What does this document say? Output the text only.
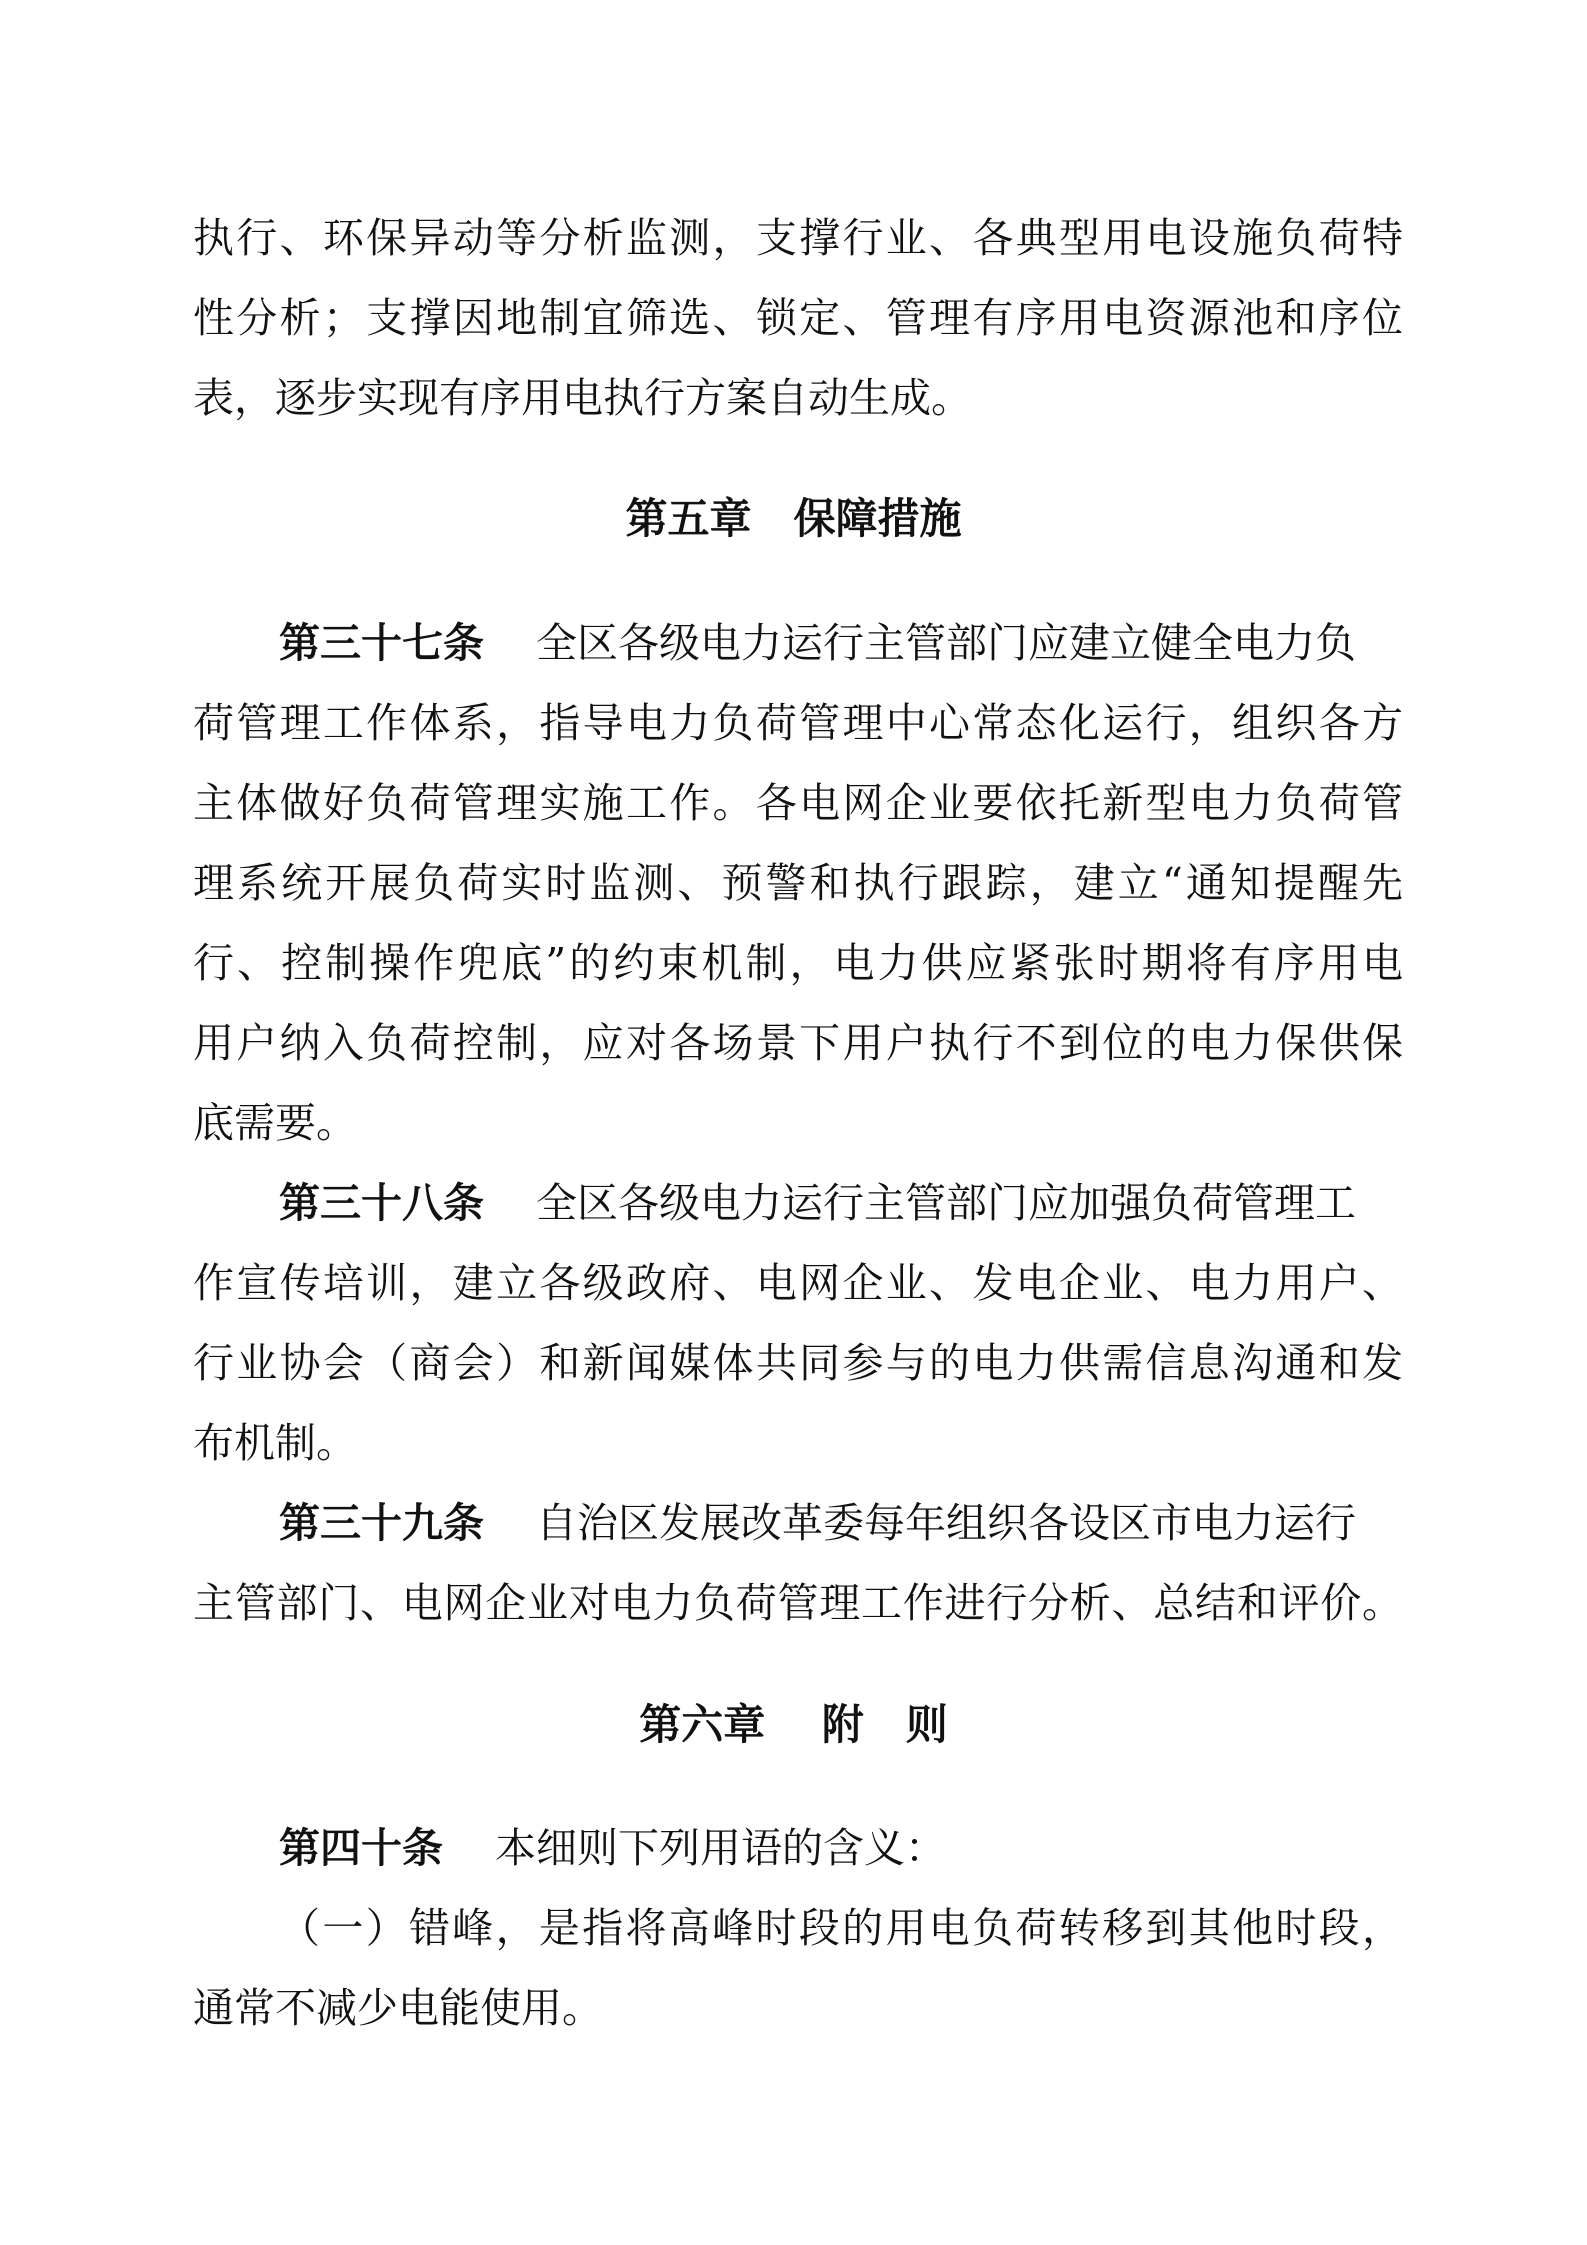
执行、环保异动等分析监测，支撑行业、各典型用电设施负荷特
性分析；支撑因地制宜筛选、锁定、管理有序用电资源池和序位
表，逐步实现有序用电执行方案自动生成。
第五章　保障措施
第三十七条 全区各级电力运行主管部门应建立健全电力负
荷管理工作体系，指导电力负荷管理中心常态化运行，组织各方
主体做好负荷管理实施工作。各电网企业要依托新型电力负荷管
理系统开展负荷实时监测、预警和执行跟踪，建立“通知提醒先
行、控制操作兜底”的约束机制，电力供应紧张时期将有序用电
用户纳入负荷控制，应对各场景下用户执行不到位的电力保供保
底需要。
第三十八条 全区各级电力运行主管部门应加强负荷管理工
作宣传培训，建立各级政府、电网企业、发电企业、电力用户、
行业协会（商会）和新闻媒体共同参与的电力供需信息沟通和发
布机制。
第三十九条 自治区发展改革委每年组织各设区市电力运行
主管部门、电网企业对电力负荷管理工作进行分析、总结和评价。
第六章　 附　则
第四十条 本细则下列用语的含义：
（一）错峰，是指将高峰时段的用电负荷转移到其他时段，
通常不减少电能使用。
